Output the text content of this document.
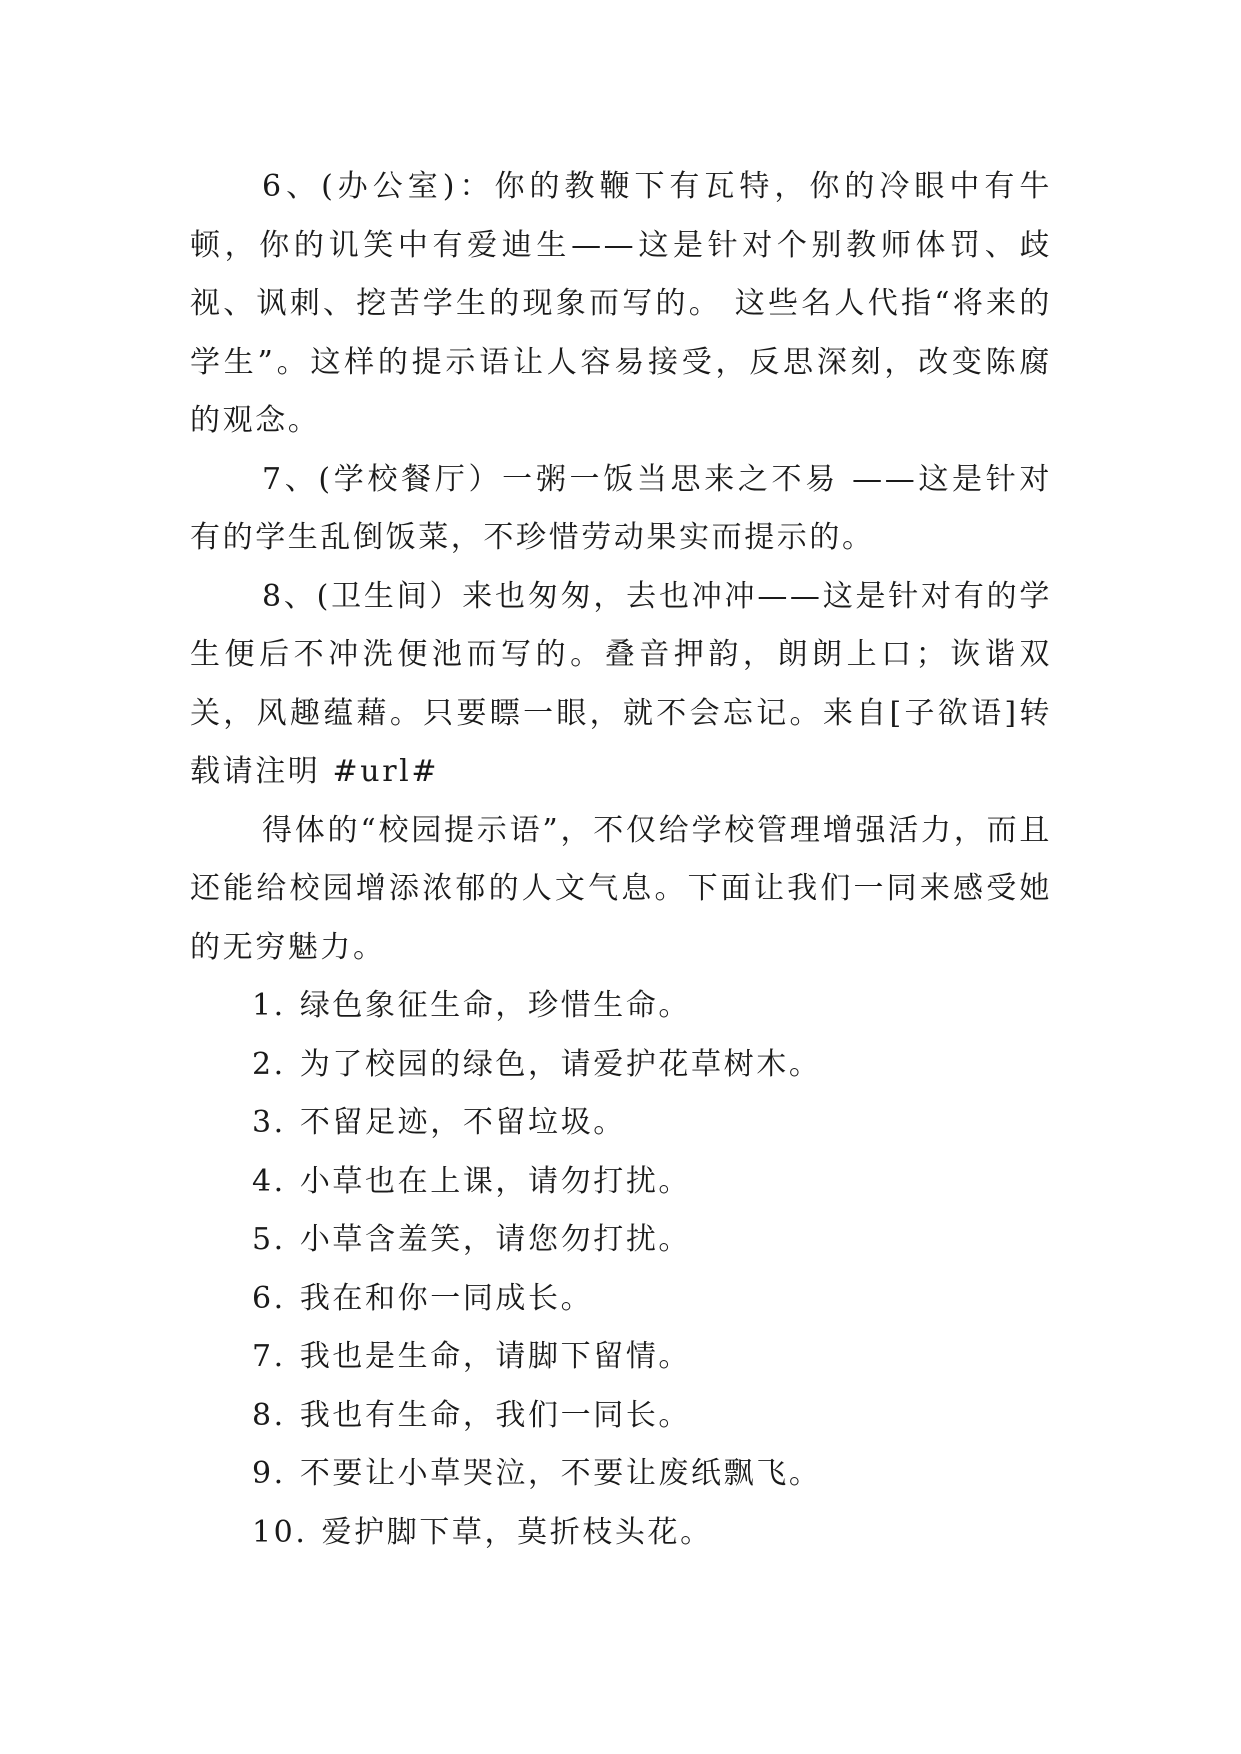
6、(办公室)：你的教鞭下有瓦特，你的冷眼中有牛顿，你的讥笑中有爱迪生——这是针对个别教师体罚、歧视、讽刺、挖苦学生的现象而写的。 这些名人代指“将来的学生”。这样的提示语让人容易接受，反思深刻，改变陈腐的观念。

7、(学校餐厅）一粥一饭当思来之不易 ——这是针对有的学生乱倒饭菜，不珍惜劳动果实而提示的。

8、(卫生间）来也匆匆，去也冲冲——这是针对有的学生便后不冲洗便池而写的。叠音押韵，朗朗上口；诙谐双关，风趣蕴藉。只要瞟一眼，就不会忘记。来自[子欲语]转载请注明 #url#

得体的“校园提示语”，不仅给学校管理增强活力，而且还能给校园增添浓郁的人文气息。下面让我们一同来感受她的无穷魅力。

1. 绿色象征生命，珍惜生命。
2. 为了校园的绿色，请爱护花草树木。
3. 不留足迹，不留垃圾。
4. 小草也在上课，请勿打扰。
5. 小草含羞笑，请您勿打扰。
6. 我在和你一同成长。
7. 我也是生命，请脚下留情。
8. 我也有生命，我们一同长。
9. 不要让小草哭泣，不要让废纸飘飞。
10. 爱护脚下草，莫折枝头花。
